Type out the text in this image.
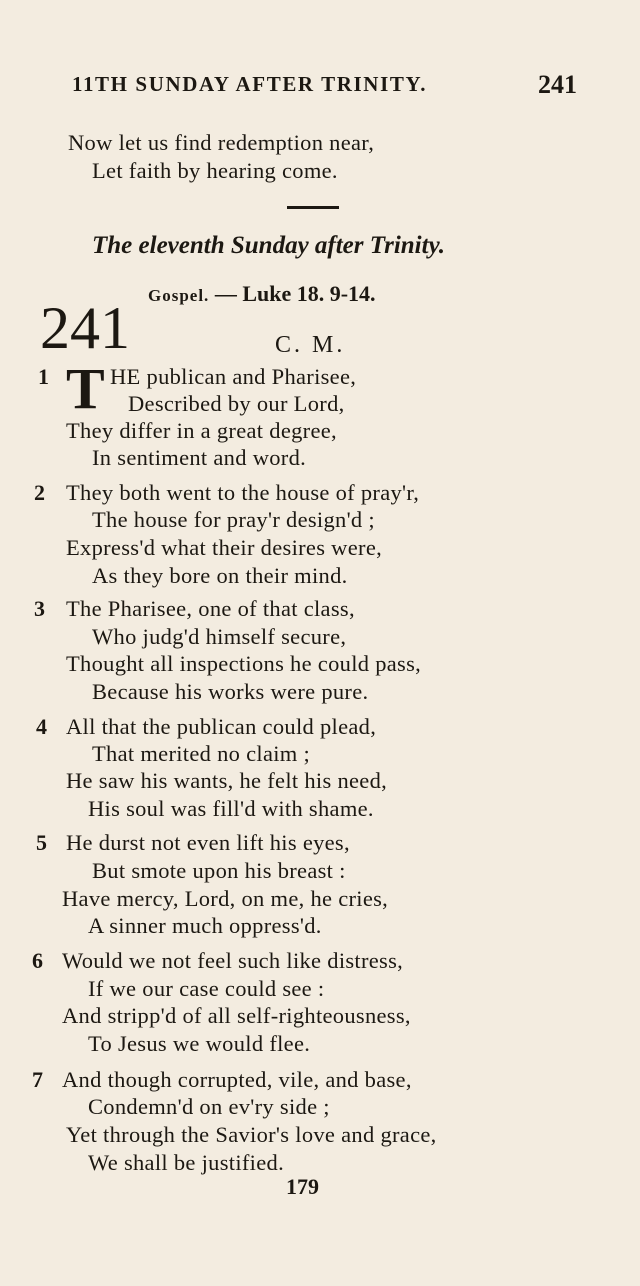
11TH SUNDAY AFTER TRINITY.	241
Now let us find redemption near,
Let faith by hearing come.
The eleventh Sunday after Trinity.
Gospel. — Luke 18. 9-14.
241	C. M.
T
1	HE publican and Pharisee,
Described by our Lord,
They differ in a great degree,
In sentiment and word.
2 They both went to the house of pray'r,
The house for pray'r design'd ;
Express'd what their desires were,
As they bore on their mind.
3 The Pharisee, one of that class,
Who judg'd himself secure,
Thought all inspections he could pass,
Because his works were pure.
4 All that the publican could plead,
That merited no claim ;
He saw his wants, he felt his need,
His soul was fill'd with shame.
5 He durst not even lift his eyes,
But smote upon his breast :
Have mercy, Lord, on me, he cries,
A sinner much oppress'd.
6 Would we not feel such like distress,
If we our case could see :
And stripp'd of all self-righteousness,
To Jesus we would flee.
7 And though corrupted, vile, and base,
Condemn'd on ev'ry side ;
Yet through the Savior's love and grace,
We shall be justified.
179
